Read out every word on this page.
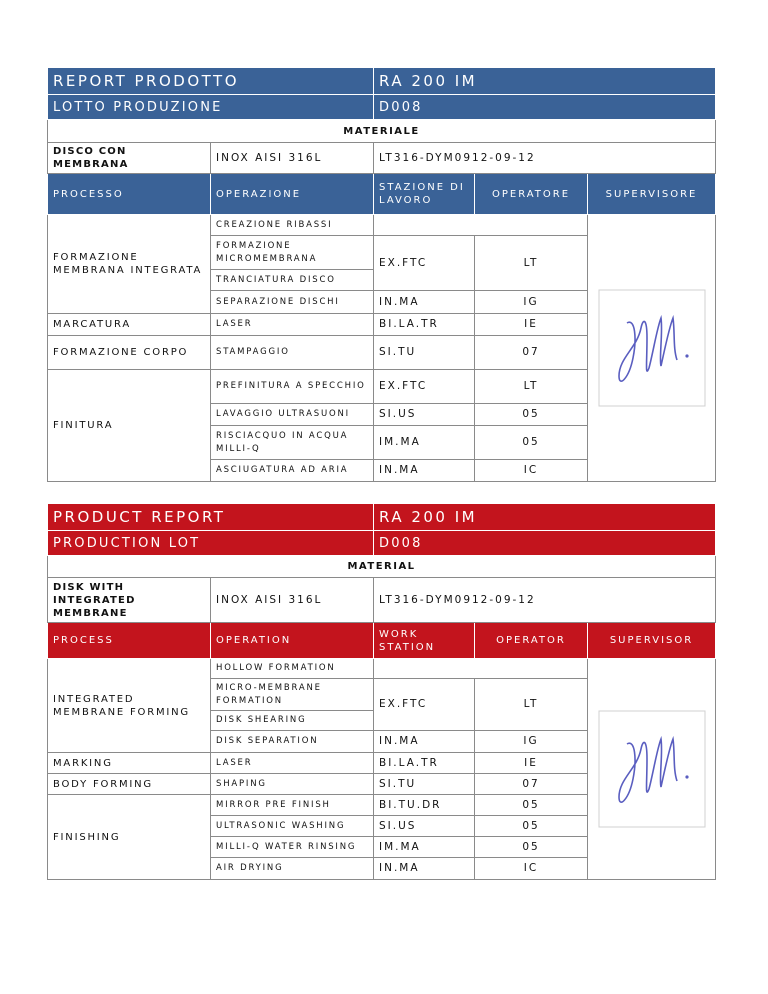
REPORT PRODOTTO		RA 200 IM		
LOTTO PRODUZIONE		D008		
MATERIALE				
DISCO CON MEMBRANA	INOX AISI 316L	LT316-DYM0912-09-12		
PROCESSO	OPERAZIONE	STAZIONE DI LAVORO	OPERATORE	SUPERVISORE
FORMAZIONE MEMBRANA INTEGRATA	CREAZIONE RIBASSI		

	FORMAZIONE MICROMEMBRANA	EX.FTC	LT	
	TRANCIATURA DISCO			
	SEPARAZIONE DISCHI	IN.MA	IG	
MARCATURA	LASER	BI.LA.TR	IE	
FORMAZIONE CORPO	STAMPAGGIO	SI.TU	07	
FINITURA	PREFINITURA A SPECCHIO	EX.FTC	LT	
	LAVAGGIO ULTRASUONI	SI.US	05	
	RISCIACQUO IN ACQUA MILLI-Q	IM.MA	05	
	ASCIUGATURA AD ARIA	IN.MA	IC	
PRODUCT REPORT		RA 200 IM		
PRODUCTION LOT		D008		
MATERIAL				
DISK WITH INTEGRATED MEMBRANE	INOX AISI 316L	LT316-DYM0912-09-12		
PROCESS	OPERATION	WORK STATION	OPERATOR	SUPERVISOR
INTEGRATED MEMBRANE FORMING	HOLLOW FORMATION		

	MICRO-MEMBRANE FORMATION	EX.FTC	LT	
	DISK SHEARING			
	DISK SEPARATION	IN.MA	IG	
MARKING	LASER	BI.LA.TR	IE	
BODY FORMING	SHAPING	SI.TU	07	
FINISHING	MIRROR PRE FINISH	BI.TU.DR	05	
	ULTRASONIC WASHING	SI.US	05	
	MILLI-Q WATER RINSING	IM.MA	05	
	AIR DRYING	IN.MA	IC	
